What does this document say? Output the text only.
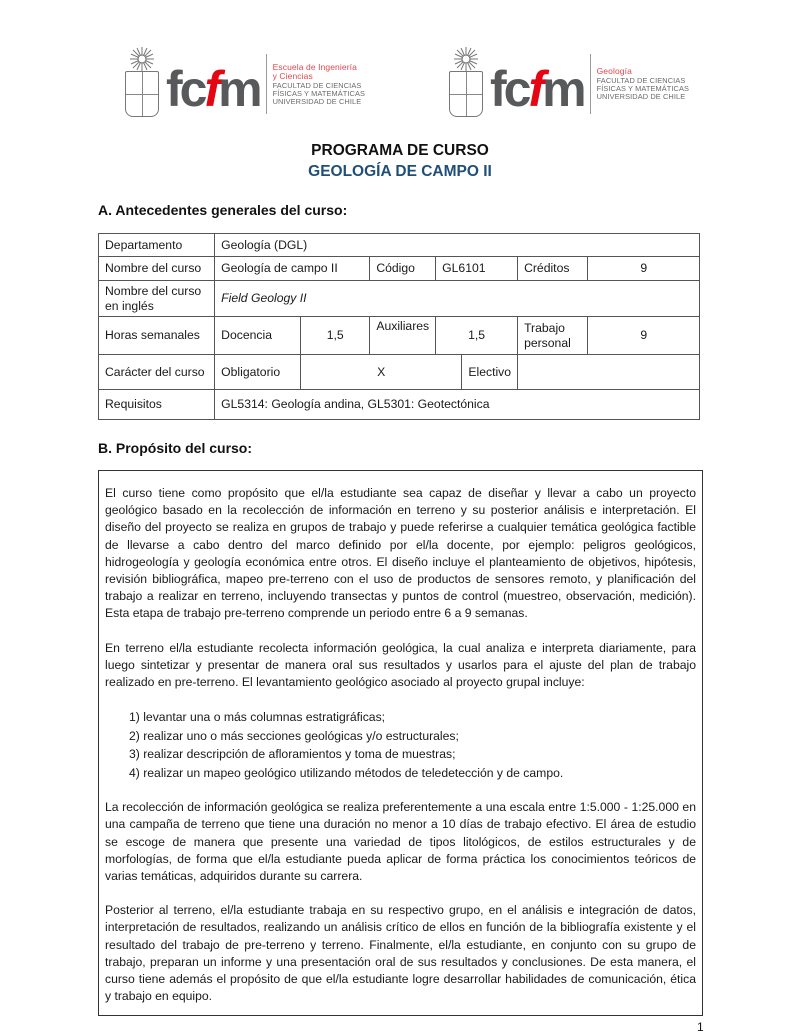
fc f m Escuela de Ingeniería
y Ciencias
FACULTAD DE CIENCIAS
FÍSICAS Y MATEMÁTICAS
UNIVERSIDAD DE CHILE	fc f m Geología
FACULTAD DE CIENCIAS
FÍSICAS Y MATEMÁTICAS
UNIVERSIDAD DE CHILE
PROGRAMA DE CURSO
GEOLOGÍA DE CAMPO II
A. Antecedentes generales del curso:
Departamento	Geología (DGL)						
Nombre del curso	Geología de campo II		Código	GL6101		Créditos	9
Nombre del curso en inglés	Field Geology II						
Horas semanales	Docencia	1,5	Auxiliares	1,5		Trabajo personal	9
Carácter del curso	Obligatorio	X			Electivo		
Requisitos	GL5314: Geología andina, GL5301: Geotectónica						
B. Propósito del curso:

El curso tiene como propósito que el/la estudiante sea capaz de diseñar y llevar a cabo un proyecto geológico basado en la recolección de información en terreno y su posterior análisis e interpretación. El diseño del proyecto se realiza en grupos de trabajo y puede referirse a cualquier temática geológica factible de llevarse a cabo dentro del marco definido por el/la docente, por ejemplo: peligros geológicos, hidrogeología y geología económica entre otros. El diseño incluye el planteamiento de objetivos, hipótesis, revisión bibliográfica, mapeo pre-terreno con el uso de productos de sensores remoto, y planificación del trabajo a realizar en terreno, incluyendo transectas y puntos de control (muestreo, observación, medición). Esta etapa de trabajo pre-terreno comprende un periodo entre 6 a 9 semanas.

En terreno el/la estudiante recolecta información geológica, la cual analiza e interpreta diariamente, para luego sintetizar y presentar de manera oral sus resultados y usarlos para el ajuste del plan de trabajo realizado en pre-terreno. El levantamiento geológico asociado al proyecto grupal incluye:

1) levantar una o más columnas estratigráficas;
2) realizar uno o más secciones geológicas y/o estructurales;
3) realizar descripción de afloramientos y toma de muestras;
4) realizar un mapeo geológico utilizando métodos de teledetección y de campo.

La recolección de información geológica se realiza preferentemente a una escala entre 1:5.000 - 1:25.000 en una campaña de terreno que tiene una duración no menor a 10 días de trabajo efectivo. El área de estudio se escoge de manera que presente una variedad de tipos litológicos, de estilos estructurales y de morfologías, de forma que el/la estudiante pueda aplicar de forma práctica los conocimientos teóricos de varias temáticas, adquiridos durante su carrera.

Posterior al terreno, el/la estudiante trabaja en su respectivo grupo, en el análisis e integración de datos, interpretación de resultados, realizando un análisis crítico de ellos en función de la bibliografía existente y el resultado del trabajo de pre-terreno y terreno. Finalmente, el/la estudiante, en conjunto con su grupo de trabajo, preparan un informe y una presentación oral de sus resultados y conclusiones. De esta manera, el curso tiene además el propósito de que el/la estudiante logre desarrollar habilidades de comunicación, ética y trabajo en equipo.

1
